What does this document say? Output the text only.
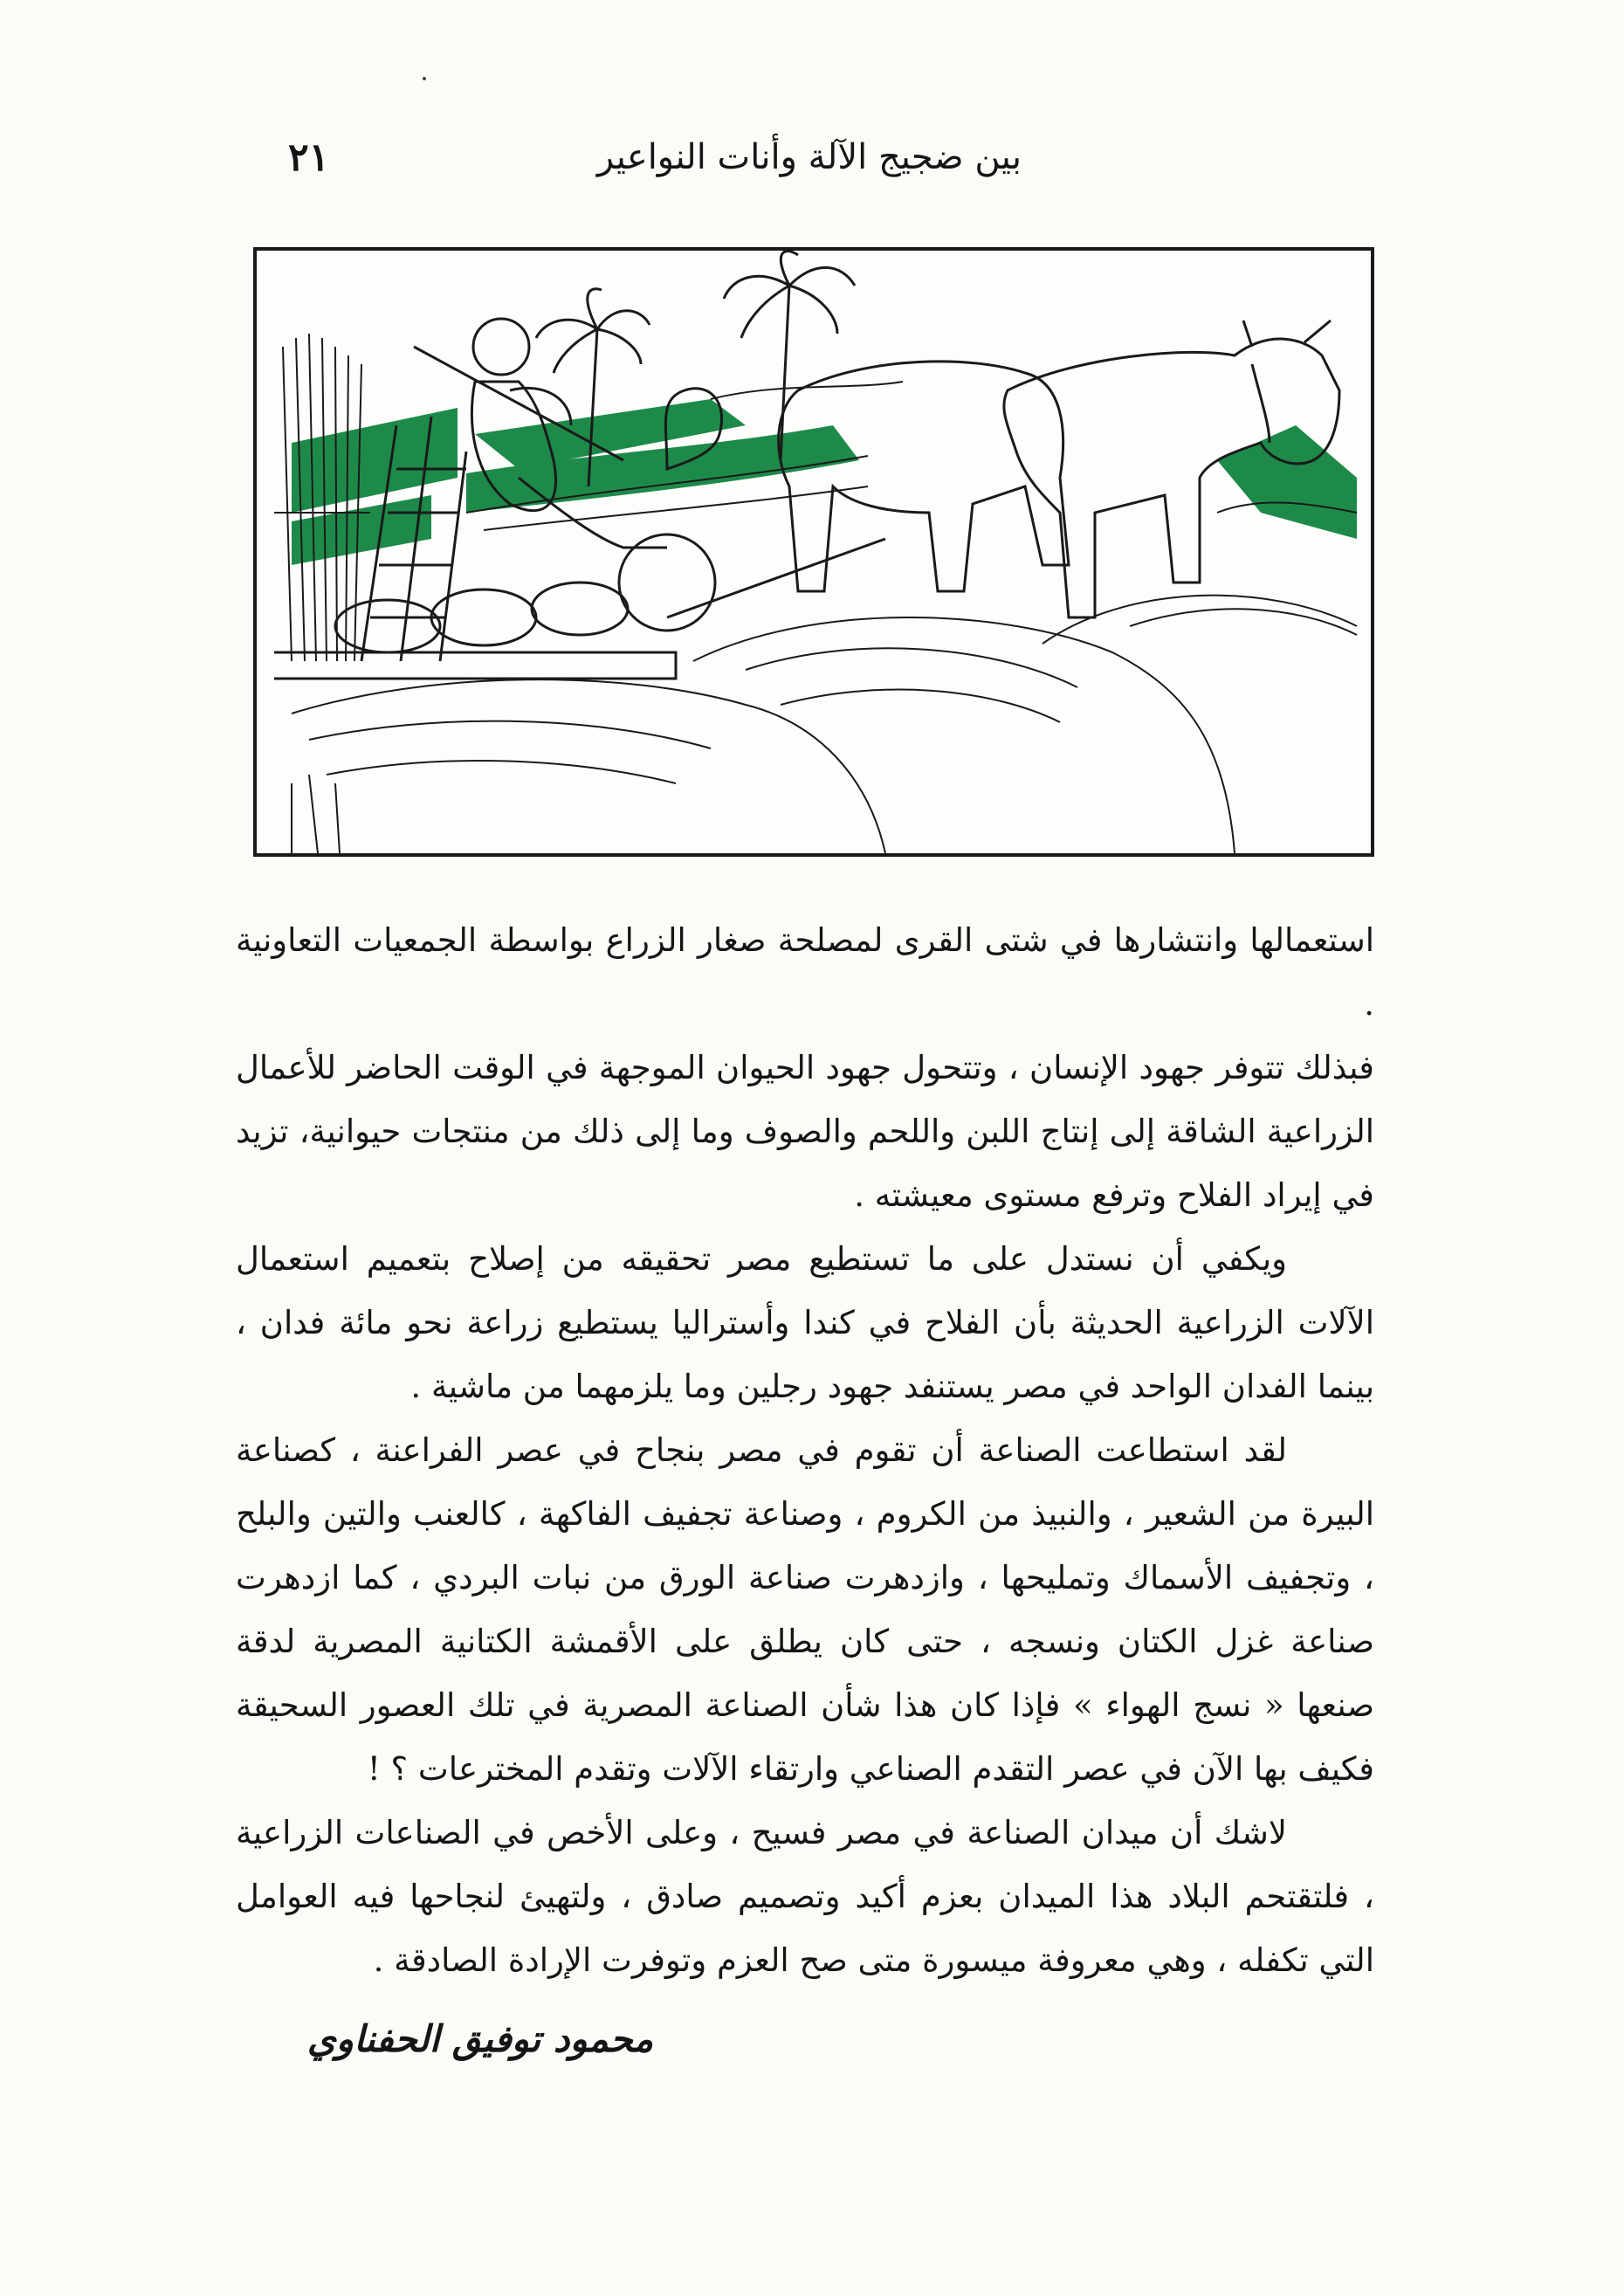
بين ضجيج الآلة وأنات النواعير
٢١

استعمالها وانتشارها في شتى القرى لمصلحة صغار الزراع بواسطة الجمعيات التعاونية .

فبذلك تتوفر جهود الإنسان ، وتتحول جهود الحيوان الموجهة في الوقت الحاضر للأعمال الزراعية الشاقة إلى إنتاج اللبن واللحم والصوف وما إلى ذلك من منتجات حيوانية، تزيد في إيراد الفلاح وترفع مستوى معيشته .

ويكفي أن نستدل على ما تستطيع مصر تحقيقه من إصلاح بتعميم استعمال الآلات الزراعية الحديثة بأن الفلاح في كندا وأستراليا يستطيع زراعة نحو مائة فدان ، بينما الفدان الواحد في مصر يستنفد جهود رجلين وما يلزمهما من ماشية .

لقد استطاعت الصناعة أن تقوم في مصر بنجاح في عصر الفراعنة ، كصناعة البيرة من الشعير ، والنبيذ من الكروم ، وصناعة تجفيف الفاكهة ، كالعنب والتين والبلح ، وتجفيف الأسماك وتمليحها ، وازدهرت صناعة الورق من نبات البردي ، كما ازدهرت صناعة غزل الكتان ونسجه ، حتى كان يطلق على الأقمشة الكتانية المصرية لدقة صنعها « نسج الهواء » فإذا كان هذا شأن الصناعة المصرية في تلك العصور السحيقة فكيف بها الآن في عصر التقدم الصناعي وارتقاء الآلات وتقدم المخترعات ؟ !

لاشك أن ميدان الصناعة في مصر فسيح ، وعلى الأخص في الصناعات الزراعية ، فلتقتحم البلاد هذا الميدان بعزم أكيد وتصميم صادق ، ولتهيئ لنجاحها فيه العوامل التي تكفله ، وهي معروفة ميسورة متى صح العزم وتوفرت الإرادة الصادقة .

محمود توفيق الحفناوي
